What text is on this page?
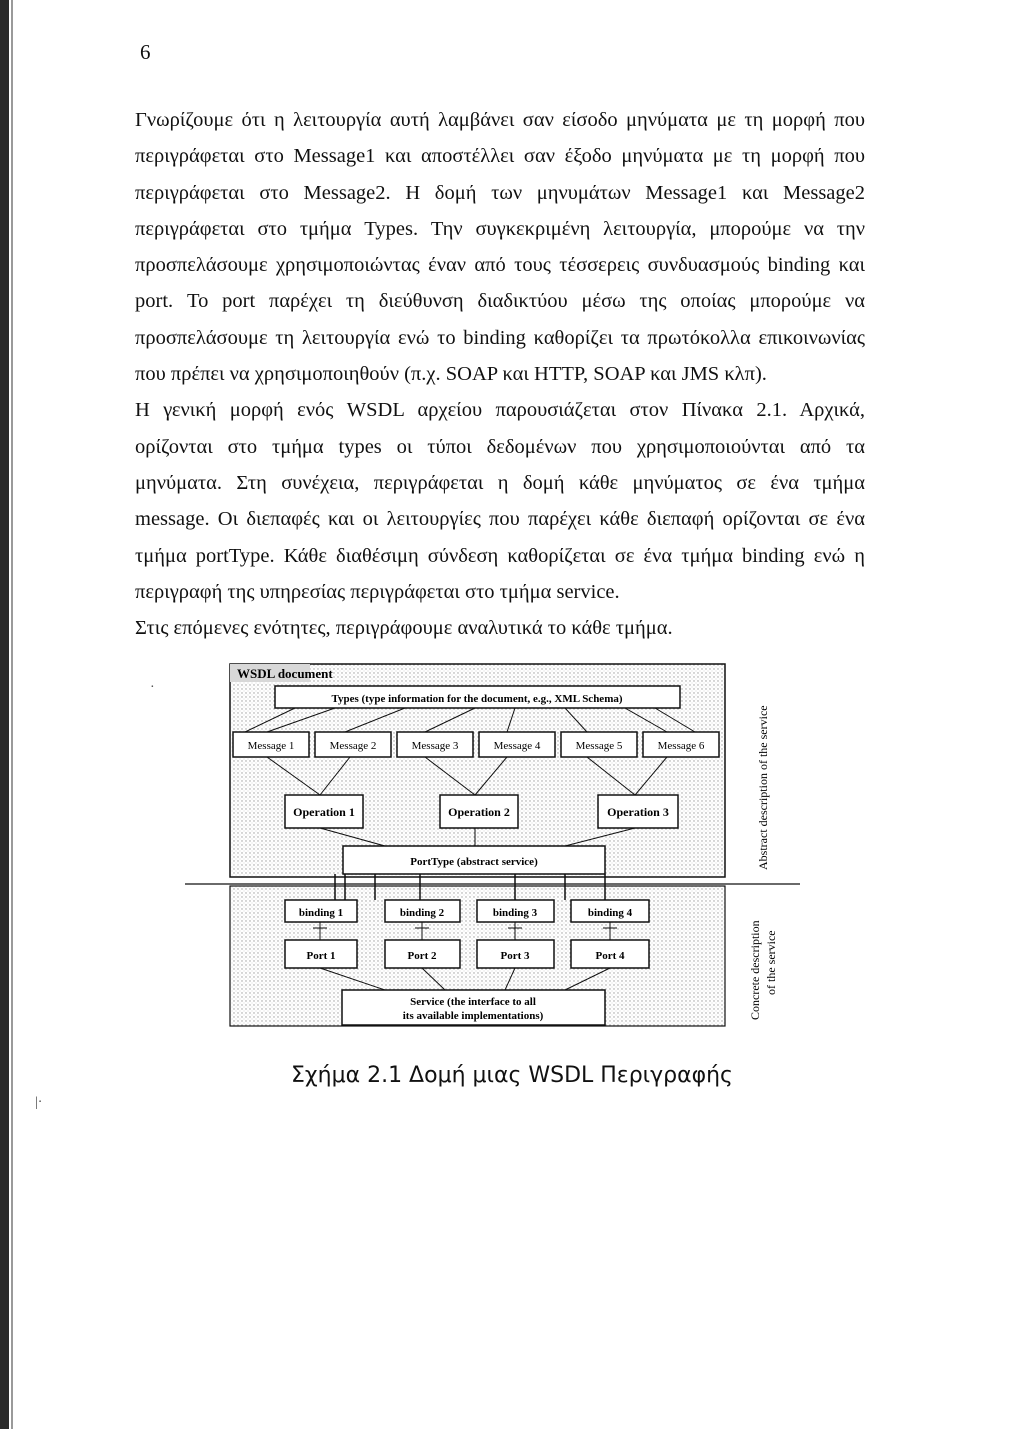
6

Γνωρίζουμε ότι η λειτουργία αυτή λαμβάνει σαν είσοδο μηνύματα με τη μορφή που
περιγράφεται στο Message1 και αποστέλλει σαν έξοδο μηνύματα με τη μορφή που
περιγράφεται στο Message2. Η δομή των μηνυμάτων Message1 και Message2
περιγράφεται στο τμήμα Types. Την συγκεκριμένη λειτουργία, μπορούμε να την
προσπελάσουμε χρησιμοποιώντας έναν από τους τέσσερεις συνδυασμούς binding και
port. Το port παρέχει τη διεύθυνση διαδικτύου μέσω της οποίας μπορούμε να
προσπελάσουμε τη λειτουργία ενώ το binding καθορίζει τα πρωτόκολλα επικοινωνίας
που πρέπει να χρησιμοποιηθούν (π.χ. SOAP και HTTP, SOAP και JMS κλπ).

Η γενική μορφή ενός WSDL αρχείου παρουσιάζεται στον Πίνακα 2.1. Αρχικά,
ορίζονται στο τμήμα types οι τύποι δεδομένων που χρησιμοποιούνται από τα
μηνύματα. Στη συνέχεια, περιγράφεται η δομή κάθε μηνύματος σε ένα τμήμα
message. Οι διεπαφές και οι λειτουργίες που παρέχει κάθε διεπαφή ορίζονται σε ένα
τμήμα portType. Κάθε διαθέσιμη σύνδεση καθορίζεται σε ένα τμήμα binding ενώ η
περιγραφή της υπηρεσίας περιγράφεται στο τμήμα service.

Στις επόμενες ενότητες, περιγράφουμε αναλυτικά το κάθε τμήμα.

WSDL document
Types (type information for the document, e.g., XML Schema)
Message 1	Message 2	Message 3	Message 4	Message 5	Message 6
Operation 1	Operation 2	Operation 3
PortType (abstract service)
binding 1	binding 2	binding 3	binding 4
Port 1	Port 2	Port 3	Port 4
Service (the interface to all
its available implementations)
Abstract description of the service
Concrete description of the service
Σχήμα 2.1 Δομή μιας WSDL Περιγραφής
·
|·
